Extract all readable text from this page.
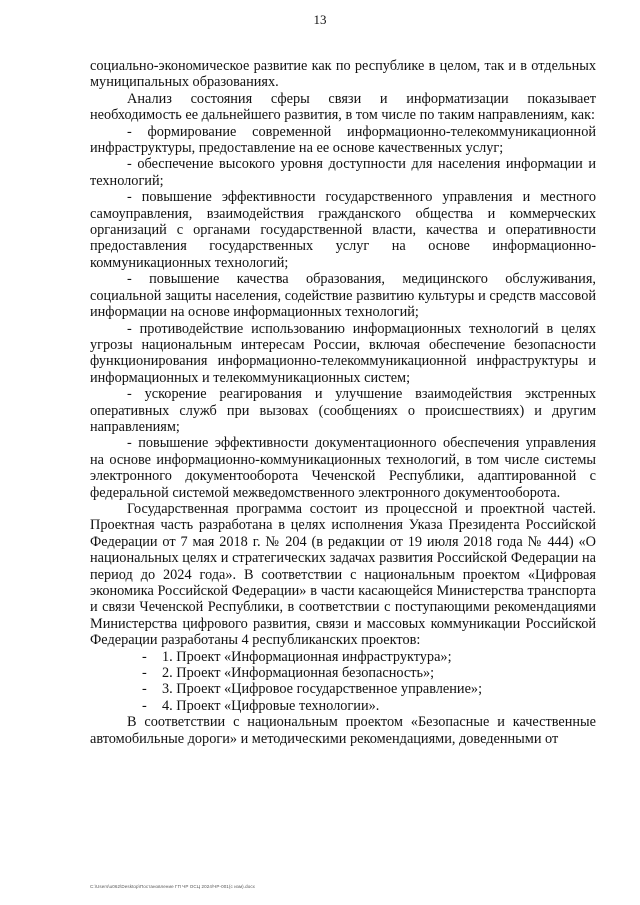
13

социально-экономическое развитие как по республике в целом, так и в отдельных муниципальных образованиях.

Анализ состояния сферы связи и информатизации показывает необходимость ее дальнейшего развития, в том числе по таким направлениям, как:

- формирование современной информационно-телекоммуникационной инфраструктуры, предоставление на ее основе качественных услуг;

- обеспечение высокого уровня доступности для населения информации и технологий;

- повышение эффективности государственного управления и местного самоуправления, взаимодействия гражданского общества и коммерческих организаций с органами государственной власти, качества и оперативности предоставления государственных услуг на основе информационно-коммуникационных технологий;

- повышение качества образования, медицинского обслуживания, социальной защиты населения, содействие развитию культуры и средств массовой информации на основе информационных технологий;

- противодействие использованию информационных технологий в целях угрозы национальным интересам России, включая обеспечение безопасности функционирования информационно-телекоммуникационной инфраструктуры и информационных и телекоммуникационных систем;

- ускорение реагирования и улучшение взаимодействия экстренных оперативных служб при вызовах (сообщениях о происшествиях) и другим направлениям;

- повышение эффективности документационного обеспечения управления на основе информационно-коммуникационных технологий, в том числе системы электронного документооборота Чеченской Республики, адаптированной с федеральной системой межведомственного электронного документооборота.

Государственная программа состоит из процессной и проектной частей. Проектная часть разработана в целях исполнения Указа Президента Российской Федерации от 7 мая 2018 г. № 204 (в редакции от 19 июля 2018 года № 444) «О национальных целях и стратегических задачах развития Российской Федерации на период до 2024 года». В соответствии с национальным проектом «Цифровая экономика Российской Федерации» в части касающейся Министерства транспорта и связи Чеченской Республики, в соответствии с поступающими рекомендациями Министерства цифрового развития, связи и массовых коммуникации Российской Федерации разработаны 4 республиканских проектов:

- 1. Проект «Информационная инфраструктура»;
- 2. Проект «Информационная безопасность»;
- 3. Проект «Цифровое государственное управление»;
- 4. Проект «Цифровые технологии».

В соответствии с национальным проектом «Безопасные и качественные автомобильные дороги» и методическими рекомендациями, доведенными от

С:\Users\u062\Desktop\Постановление ГП ЧР ОСЦ 2024\ЧР-001(с изм).docx
